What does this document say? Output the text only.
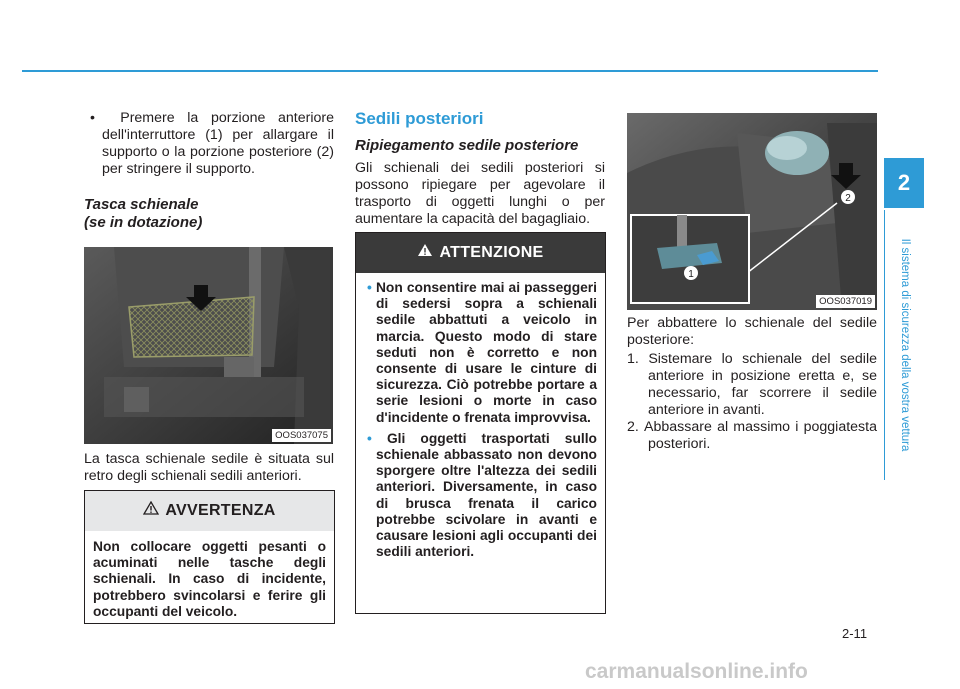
•  Premere la porzione anteriore dell'interruttore (1) per allargare il supporto o la porzione posteriore (2) per stringere il supporto.
Tasca schienale
(se in dotazione)
OOS037075
La tasca schienale sedile è situata sul retro degli schienali sedili anteriori.
AVVERTENZA
Non collocare oggetti pesanti o acuminati nelle tasche degli schienali. In caso di incidente, potrebbero svincolarsi e ferire gli occupanti del veicolo.
Sedili posteriori
Ripiegamento sedile posteriore
Gli schienali dei sedili posteriori si possono ripiegare per agevolare il trasporto di oggetti lunghi o per aumentare la capacità del bagagliaio.
ATTENZIONE
• Non consentire mai ai passeggeri di sedersi sopra a schienali sedile abbattuti a veicolo in marcia. Questo modo di stare seduti non è corretto e non consente di usare le cinture di sicurezza. Ciò potrebbe portare a serie lesioni o morte in caso d'incidente o frenata improvvisa.
• Gli oggetti trasportati sullo schienale abbassato non devono sporgere oltre l'altezza dei sedili anteriori. Diversamente, in caso di brusca frenata il carico potrebbe scivolare in avanti e causare lesioni agli occupanti dei sedili anteriori.
2
1
OOS037019
Per abbattere lo schienale del sedile posteriore:
1. Sistemare lo schienale del sedile anteriore in posizione eretta e, se necessario, far scorrere il sedile anteriore in avanti.
2. Abbassare al massimo i poggiatesta posteriori.
2
Il sistema di sicurezza della vostra vettura
2-11
carmanualsonline.info
